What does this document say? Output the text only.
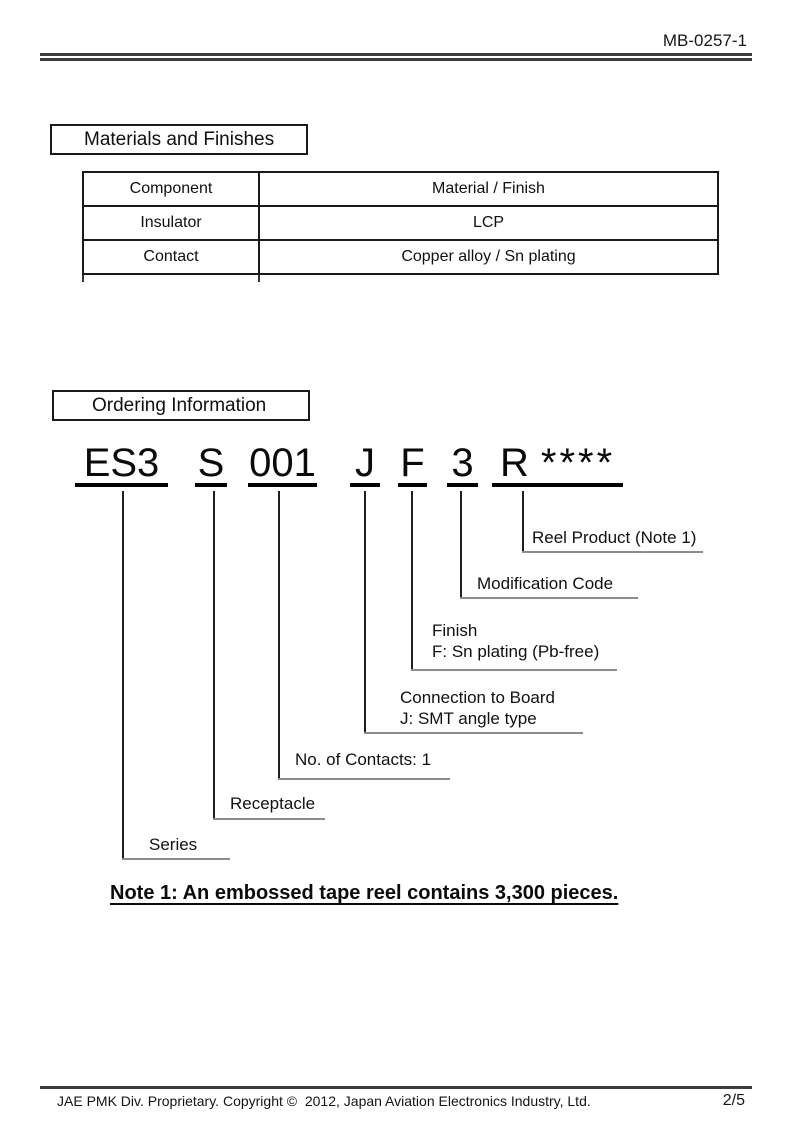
MB-0257-1
Materials and Finishes
Component	Material / Finish
Insulator	LCP
Contact	Copper alloy / Sn plating
Ordering Information
ES3 S 001 J F 3 R ****
Reel Product (Note 1)
Modification Code
Finish
F: Sn plating (Pb-free)
Connection to Board
J: SMT angle type
No. of Contacts: 1
Receptacle
Series
Note 1: An embossed tape reel contains 3,300 pieces.
JAE PMK Div. Proprietary. Copyright ©  2012, Japan Aviation Electronics Industry, Ltd.	2/5
